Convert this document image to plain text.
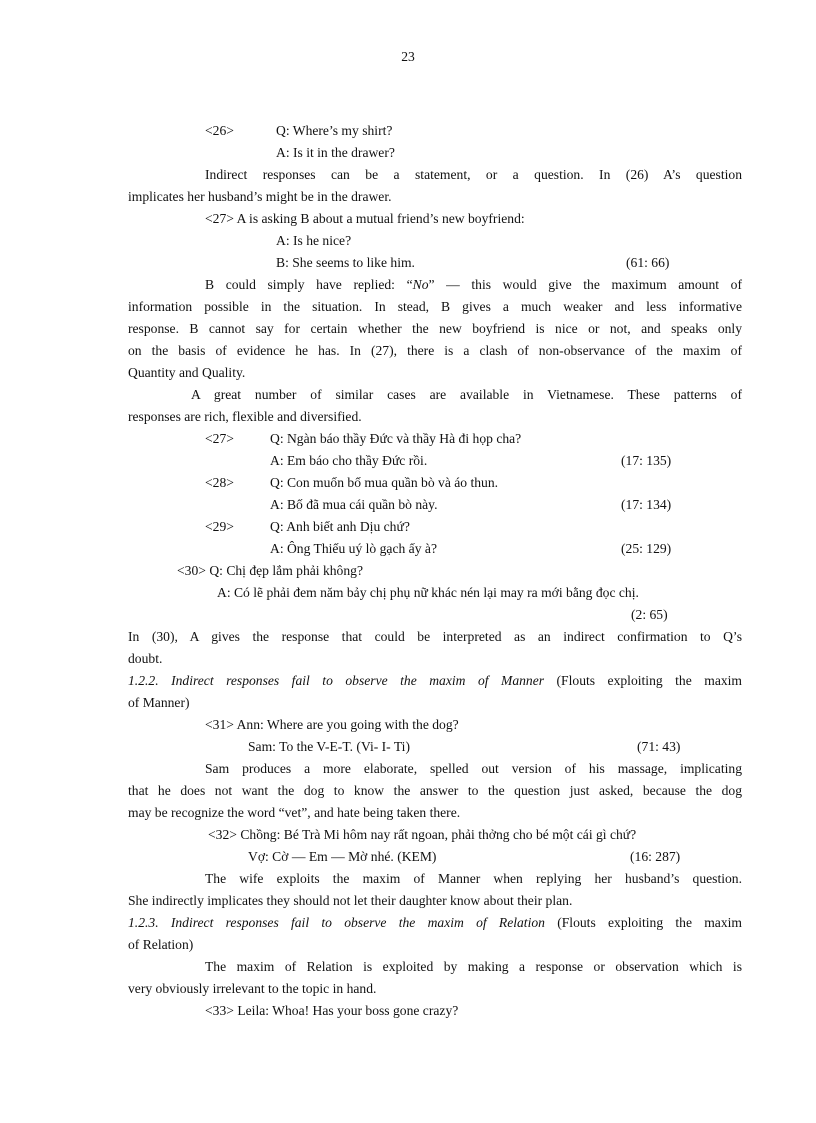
23
<26>	Q: Where’s my shirt?
A: Is it in the drawer?
Indirect responses can be a statement, or a question. In (26) A’s question
implicates her husband’s might be in the drawer.
<27> A is asking B about a mutual friend’s new boyfriend:
A: Is he nice?
B: She seems to like him.	(61: 66)
B could simply have replied: “No” — this would give the maximum amount of
information possible in the situation. In stead, B gives a much weaker and less informative
response. B cannot say for certain whether the new boyfriend is nice or not, and speaks only
on the basis of evidence he has. In (27), there is a clash of non-observance of the maxim of
Quantity and Quality.
A great number of similar cases are available in Vietnamese. These patterns of
responses are rich, flexible and diversified.
<27>	Q: Ngàn báo thầy Đức và thầy Hà đi họp cha?
A: Em báo cho thầy Đức rồi.	(17: 135)
<28>	Q: Con muốn bố mua quần bò và áo thun.
A: Bố đã mua cái quần bò này.	(17: 134)
<29>	Q: Anh biết anh Dịu chứ?
A: Ông Thiếu uý lò gạch ấy à?	(25: 129)
<30> Q: Chị đẹp lắm phải không?
A: Có lẽ phải đem năm bảy chị phụ nữ khác nén lại may ra mới bằng đọc chị.
(2: 65)
In (30), A gives the response that could be interpreted as an indirect confirmation to Q’s
doubt.
1.2.2. Indirect responses fail to observe the maxim of Manner (Flouts exploiting the maxim
of Manner)
<31> Ann: Where are you going with the dog?
Sam: To the V-E-T. (Vi- I- Ti)	(71: 43)
Sam produces a more elaborate, spelled out version of his massage, implicating
that he does not want the dog to know the answer to the question just asked, because the dog
may be recognize the word “vet”, and hate being taken there.
<32> Chồng: Bé Trà Mi hôm nay rất ngoan, phải thởng cho bé một cái gì chứ?
Vợ: Cờ — Em — Mờ nhé. (KEM)	(16: 287)
The wife exploits the maxim of Manner when replying her husband’s question.
She indirectly implicates they should not let their daughter know about their plan.
1.2.3. Indirect responses fail to observe the maxim of Relation (Flouts exploiting the maxim
of Relation)
The maxim of Relation is exploited by making a response or observation which is
very obviously irrelevant to the topic in hand.
<33> Leila: Whoa! Has your boss gone crazy?
